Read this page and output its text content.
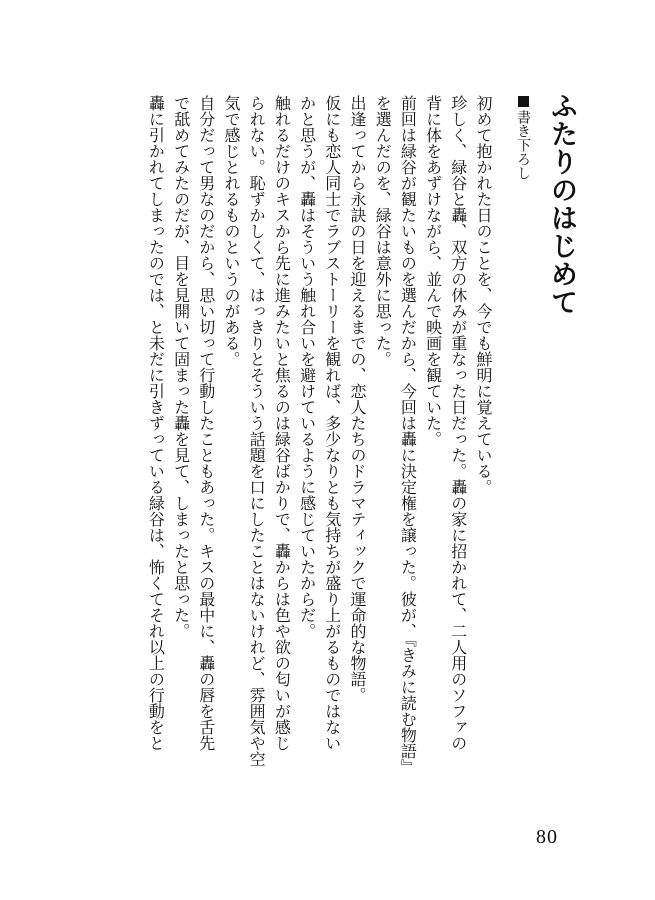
ふたりのはじめて
書き下ろし

初めて抱かれた日のことを、今でも鮮明に覚えている。

珍しく、緑谷と轟、双方の休みが重なった日だった。轟の家に招かれて、二人用のソファの

背に体をあずけながら、並んで映画を観ていた。

前回は緑谷が観たいものを選んだから、今回は轟に決定権を譲った。彼が、『きみに読む物語』

を選んだのを、緑谷は意外に思った。

出逢ってから永訣の日を迎えるまでの、恋人たちのドラマティックで運命的な物語。

仮にも恋人同士でラブストーリーを観れば、多少なりとも気持ちが盛り上がるものではない

かと思うが、轟はそういう触れ合いを避けているように感じていたからだ。

触れるだけのキスから先に進みたいと焦るのは緑谷ばかりで、轟からは色や欲の匂いが感じ

られない。恥ずかしくて、はっきりとそういう話題を口にしたことはないけれど、雰囲気や空

気で感じとれるものというのがある。

自分だって男なのだから、思い切って行動したこともあった。キスの最中に、轟の唇を舌先

で舐めてみたのだが、目を見開いて固まった轟を見て、しまったと思った。

轟に引かれてしまったのでは、と未だに引きずっている緑谷は、怖くてそれ以上の行動をと

80
